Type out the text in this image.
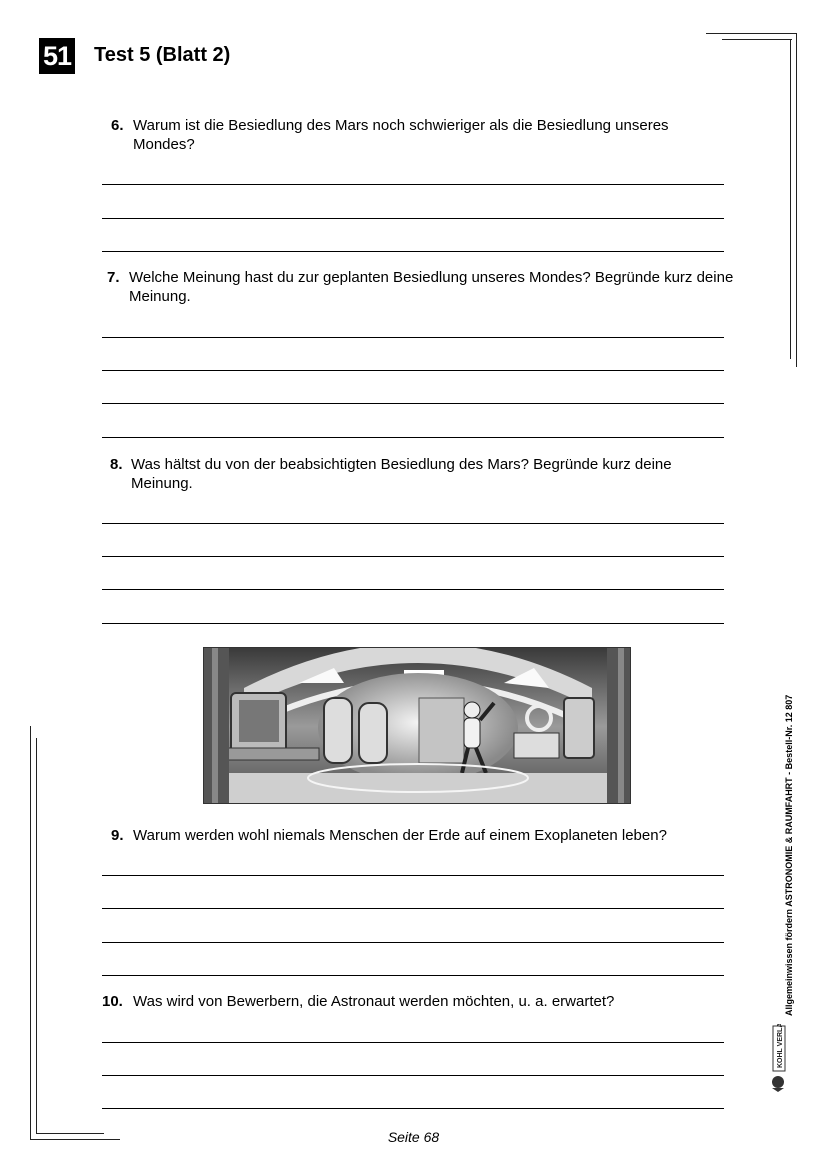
51 Test 5 (Blatt 2)
6. Warum ist die Besiedlung des Mars noch schwieriger als die Besiedlung unseres Mondes?
7. Welche Meinung hast du zur geplanten Besiedlung unseres Mondes? Begründe kurz deine Meinung.
8. Was hältst du von der beabsichtigten Besiedlung des Mars? Begründe kurz deine Meinung.
9. Warum werden wohl niemals Menschen der Erde auf einem Exoplaneten leben?
10. Was wird von Bewerbern, die Astronaut werden möchten, u. a. erwartet?	Allgemeinwissen fördern ASTRONOMIE & RAUMFAHRT - Bestell-Nr. 12 807
KOHL VERLAG
Seite 68
